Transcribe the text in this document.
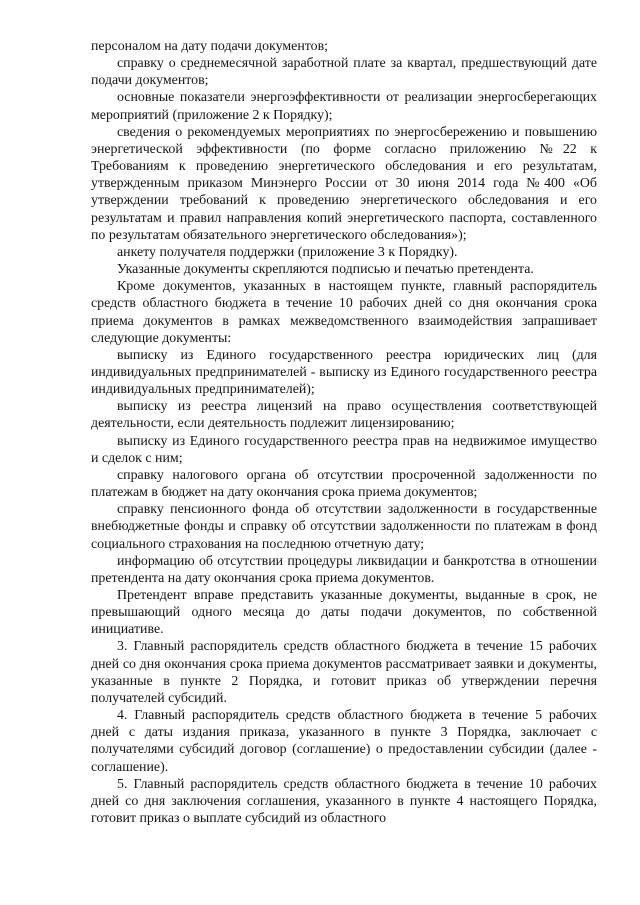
персоналом на дату подачи документов;

справку о среднемесячной заработной плате за квартал, предшествующий дате подачи документов;

основные показатели энергоэффективности от реализации энергосберегающих мероприятий (приложение 2 к Порядку);

сведения о рекомендуемых мероприятиях по энергосбережению и повышению энергетической эффективности (по форме согласно приложению №22 к Требованиям к проведению энергетического обследования и его результатам, утвержденным приказом Минэнерго России от 30 июня 2014 года №400 «Об утверждении требований к проведению энергетического обследования и его результатам и правил направления копий энергетического паспорта, составленного по результатам обязательного энергетического обследования»);

анкету получателя поддержки (приложение 3 к Порядку).

Указанные документы скрепляются подписью и печатью претендента.

Кроме документов, указанных в настоящем пункте, главный распорядитель средств областного бюджета в течение 10 рабочих дней со дня окончания срока приема документов в рамках межведомственного взаимодействия запрашивает следующие документы:

выписку из Единого государственного реестра юридических лиц (для индивидуальных предпринимателей - выписку из Единого государственного реестра индивидуальных предпринимателей);

выписку из реестра лицензий на право осуществления соответствующей деятельности, если деятельность подлежит лицензированию;

выписку из Единого государственного реестра прав на недвижимое имущество и сделок с ним;

справку налогового органа об отсутствии просроченной задолженности по платежам в бюджет на дату окончания срока приема документов;

справку пенсионного фонда об отсутствии задолженности в государственные внебюджетные фонды и справку об отсутствии задолженности по платежам в фонд социального страхования на последнюю отчетную дату;

информацию об отсутствии процедуры ликвидации и банкротства в отношении претендента на дату окончания срока приема документов.

Претендент вправе представить указанные документы, выданные в срок, не превышающий одного месяца до даты подачи документов, по собственной инициативе.

3. Главный распорядитель средств областного бюджета в течение 15 рабочих дней со дня окончания срока приема документов рассматривает заявки и документы, указанные в пункте 2 Порядка, и готовит приказ об утверждении перечня получателей субсидий.

4. Главный распорядитель средств областного бюджета в течение 5 рабочих дней с даты издания приказа, указанного в пункте 3 Порядка, заключает с получателями субсидий договор (соглашение) о предоставлении субсидии (далее - соглашение).

5. Главный распорядитель средств областного бюджета в течение 10 рабочих дней со дня заключения соглашения, указанного в пункте 4 настоящего Порядка, готовит приказ о выплате субсидий из областного
